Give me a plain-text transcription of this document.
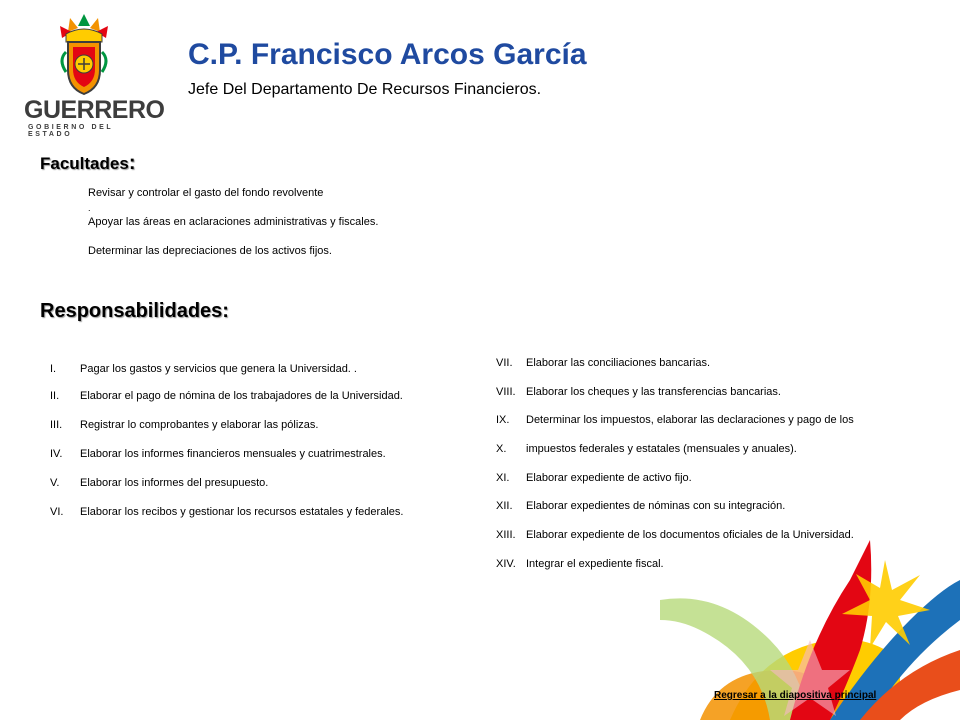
GUERRERO
GOBIERNO DEL ESTADO
C.P. Francisco Arcos García
Jefe Del Departamento De Recursos Financieros.
Facultades:
Revisar y controlar el gasto del fondo revolvente
.
Apoyar las áreas en aclaraciones administrativas y fiscales.
Determinar las depreciaciones de los activos fijos.
Responsabilidades:
I.	Pagar los gastos y servicios que genera la Universidad. .
II.	Elaborar el pago de nómina de los trabajadores de la Universidad.
III.	Registrar lo comprobantes y elaborar las pólizas.
IV.	Elaborar los informes financieros mensuales y cuatrimestrales.
V.	Elaborar los informes del presupuesto.
VI.	Elaborar los recibos y gestionar los recursos estatales y federales.
VII.	Elaborar las conciliaciones bancarias.
VIII. Elaborar los cheques y las transferencias bancarias.
IX.	Determinar los impuestos, elaborar las declaraciones y pago de los
X.	impuestos federales y estatales (mensuales y anuales).
XI.	Elaborar expediente de activo fijo.
XII.	Elaborar expedientes de nóminas con su integración.
XIII. Elaborar expediente de los documentos oficiales de la Universidad.
XIV. Integrar el expediente fiscal.
Regresar a la diapositiva principal
